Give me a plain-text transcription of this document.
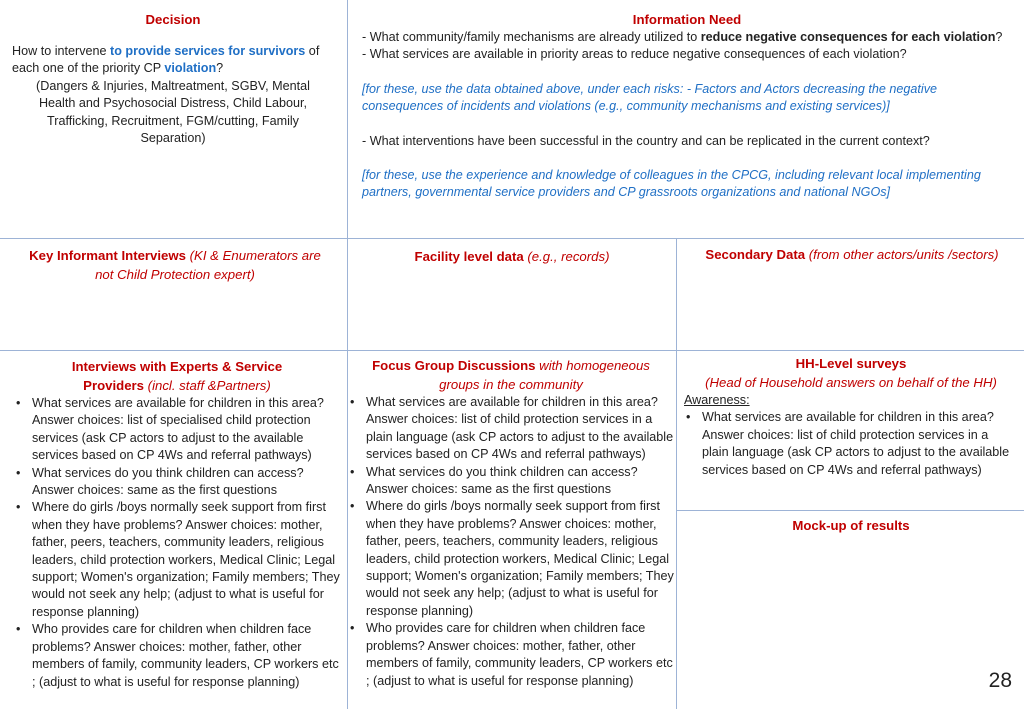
Decision

How to intervene to provide services for survivors of each one of the priority CP violation?

(Dangers & Injuries, Maltreatment, SGBV, Mental Health and Psychosocial Distress, Child Labour, Trafficking, Recruitment, FGM/cutting, Family Separation)

Information Need

- What community/family mechanisms are already utilized to reduce negative consequences for each violation?

- What services are available in priority areas to reduce negative consequences of each violation?

[for these, use the data obtained above, under each risks: - Factors and Actors decreasing the negative consequences of incidents and violations (e.g., community mechanisms and existing services)]

- What interventions have been successful in the country and can be replicated in the current context?

[for these, use the experience and knowledge of colleagues in the CPCG, including relevant local implementing partners, governmental service providers and CP grassroots organizations and national NGOs]

Key Informant Interviews (KI & Enumerators are not Child Protection expert)
Facility level data (e.g., records)	Secondary Data (from other actors/units /sectors)
Interviews with Experts & Service Providers (incl. staff &Partners)
• What services are available for children in this area? Answer choices: list of specialised child protection services (ask CP actors to adjust to the available services based on CP 4Ws and referral pathways)
• What services do you think children can access? Answer choices: same as the first questions
• Where do girls /boys normally seek support from first when they have problems? Answer choices: mother, father, peers, teachers, community leaders, religious leaders, child protection workers, Medical Clinic; Legal support; Women's organization; Family members; They would not seek any help; (adjust to what is useful for response planning)
• Who provides care for children when children face problems? Answer choices: mother, father, other members of family, community leaders, CP workers etc ; (adjust to what is useful for response planning)
Focus Group Discussions with homogeneous groups in the community
• What services are available for children in this area? Answer choices: list of child protection services in a plain language (ask CP actors to adjust to the available services based on CP 4Ws and referral pathways)
• What services do you think children can access? Answer choices: same as the first questions
• Where do girls /boys normally seek support from first when they have problems? Answer choices: mother, father, peers, teachers, community leaders, religious leaders, child protection workers, Medical Clinic; Legal support; Women's organization; Family members; They would not seek any help; (adjust to what is useful for response planning)
• Who provides care for children when children face problems? Answer choices: mother, father, other members of family, community leaders, CP workers etc ; (adjust to what is useful for response planning)
HH-Level surveys
(Head of Household answers on behalf of the HH)
Awareness:
• What services are available for children in this area? Answer choices: list of child protection services in a plain language (ask CP actors to adjust to the available services based on CP 4Ws and referral pathways)
Mock-up of results
28
